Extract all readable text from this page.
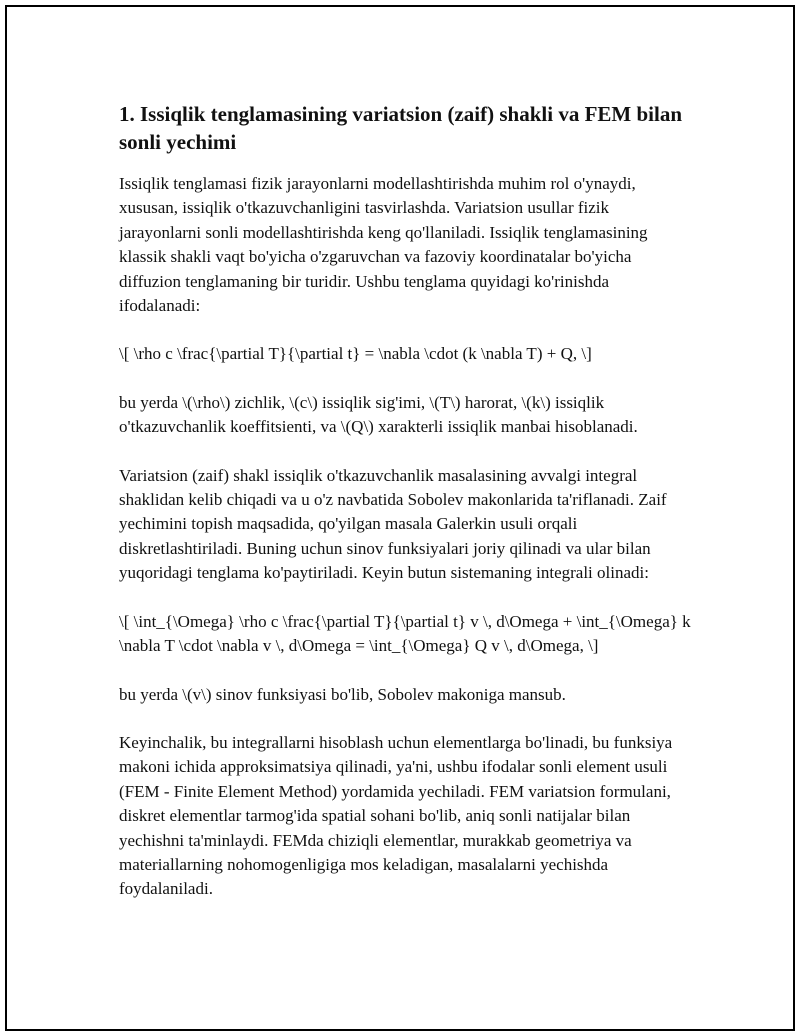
1. Issiqlik tenglamasining variatsion (zaif) shakli va FEM bilan sonli yechimi

Issiqlik tenglamasi fizik jarayonlarni modellashtirishda muhim rol o'ynaydi, xususan, issiqlik o'tkazuvchanligini tasvirlashda. Variatsion usullar fizik jarayonlarni sonli modellashtirishda keng qo'llaniladi. Issiqlik tenglamasining klassik shakli vaqt bo'yicha o'zgaruvchan va fazoviy koordinatalar bo'yicha diffuzion tenglamaning bir turidir. Ushbu tenglama quyidagi ko'rinishda ifodalanadi:

\[ \rho c \frac{\partial T}{\partial t} = \nabla \cdot (k \nabla T) + Q, \]

bu yerda \(\rho\) zichlik, \(c\) issiqlik sig'imi, \(T\) harorat, \(k\) issiqlik o'tkazuvchanlik koeffitsienti, va \(Q\) xarakterli issiqlik manbai hisoblanadi.

Variatsion (zaif) shakl issiqlik o'tkazuvchanlik masalasining avvalgi integral shaklidan kelib chiqadi va u o'z navbatida Sobolev makonlarida ta'riflanadi. Zaif yechimini topish maqsadida, qo'yilgan masala Galerkin usuli orqali diskretlashtiriladi. Buning uchun sinov funksiyalari joriy qilinadi va ular bilan yuqoridagi tenglama ko'paytiriladi. Keyin butun sistemaning integrali olinadi:

\[ \int_{\Omega} \rho c \frac{\partial T}{\partial t} v \, d\Omega + \int_{\Omega} k \nabla T \cdot \nabla v \, d\Omega = \int_{\Omega} Q v \, d\Omega, \]

bu yerda \(v\) sinov funksiyasi bo'lib, Sobolev makoniga mansub.

Keyinchalik, bu integrallarni hisoblash uchun elementlarga bo'linadi, bu funksiya makoni ichida approksimatsiya qilinadi, ya'ni, ushbu ifodalar sonli element usuli (FEM - Finite Element Method) yordamida yechiladi. FEM variatsion formulani, diskret elementlar tarmog'ida spatial sohani bo'lib, aniq sonli natijalar bilan yechishni ta'minlaydi. FEMda chiziqli elementlar, murakkab geometriya va materiallarning nohomogenligiga mos keladigan, masalalarni yechishda foydalaniladi.
